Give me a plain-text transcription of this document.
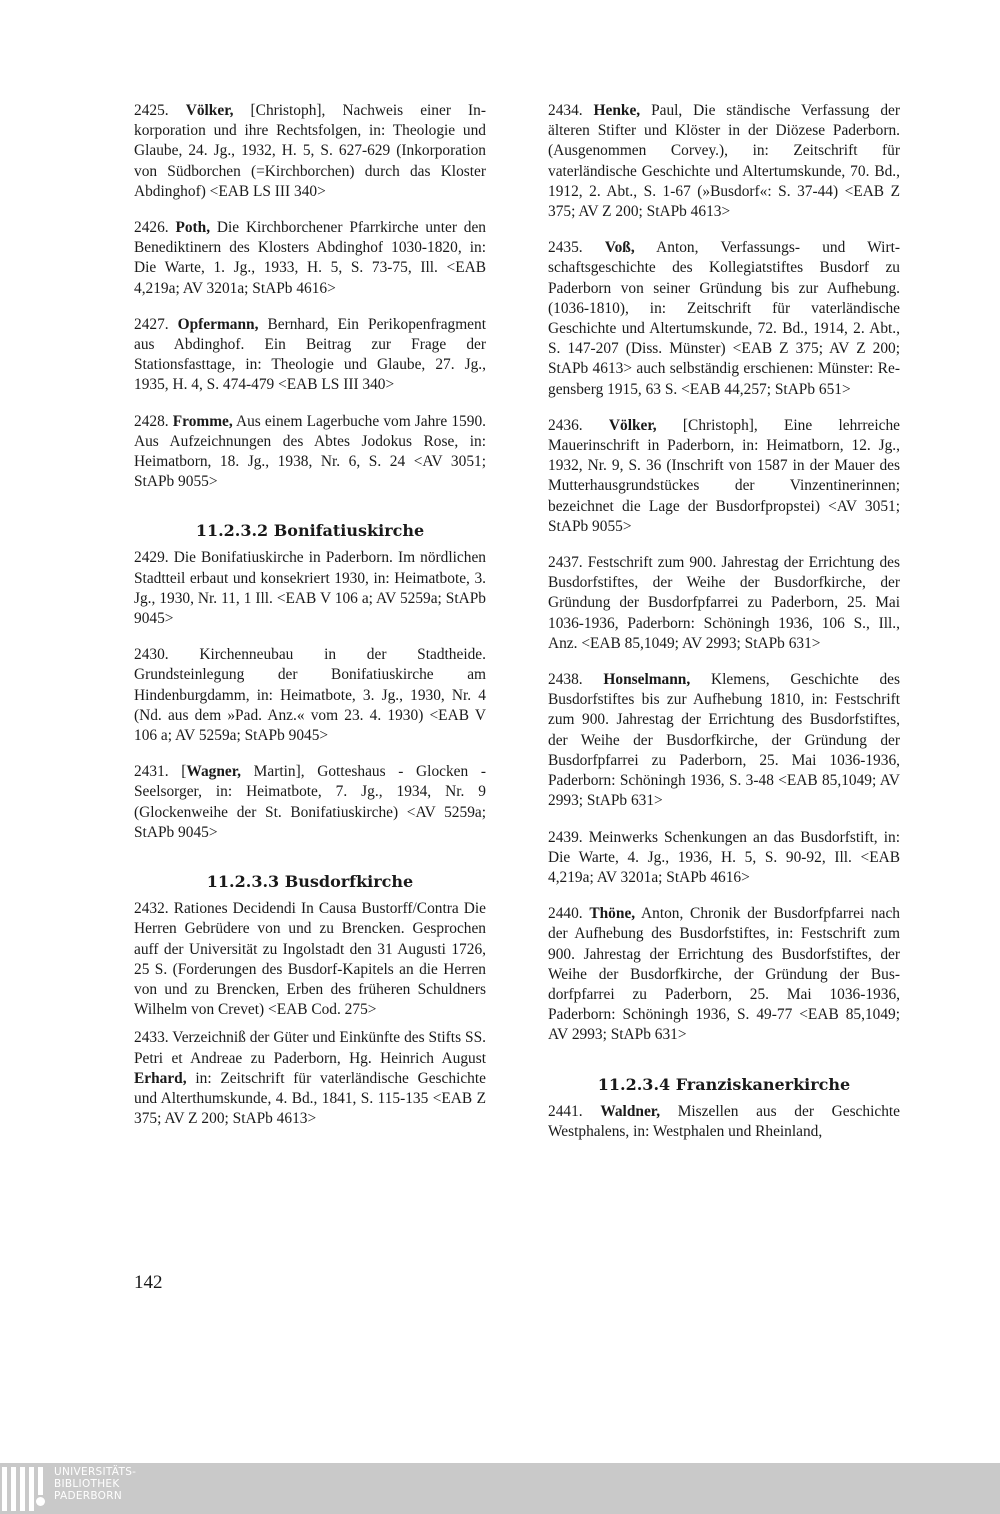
2425. Völker, [Christoph], Nachweis einer Inkorporation und ihre Rechtsfolgen, in: Theologie und Glaube, 24. Jg., 1932, H. 5, S. 627-629 (Inkorporation von Südborchen (=Kirchborchen) durch das Kloster Abdinghof) <EAB LS III 340>

2426. Poth, Die Kirchborchener Pfarrkirche unter den Benediktinern des Klosters Abdinghof 1030-1820, in: Die Warte, 1. Jg., 1933, H. 5, S. 73-75, Ill. <EAB 4,219a; AV 3201a; StAPb 4616>

2427. Opfermann, Bernhard, Ein Perikopenfragment aus Abdinghof. Ein Beitrag zur Frage der Stationsfasttage, in: Theologie und Glaube, 27. Jg., 1935, H. 4, S. 474-479 <EAB LS III 340>

2428. Fromme, Aus einem Lagerbuche vom Jahre 1590. Aus Aufzeichnungen des Abtes Jodokus Rose, in: Heimatborn, 18. Jg., 1938, Nr. 6, S. 24 <AV 3051; StAPb 9055>

11.2.3.2 Bonifatiuskirche

2429. Die Bonifatiuskirche in Paderborn. Im nördlichen Stadtteil erbaut und konsekriert 1930, in: Heimatbote, 3. Jg., 1930, Nr. 11, 1 Ill. <EAB V 106 a; AV 5259a; StAPb 9045>

2430. Kirchenneubau in der Stadtheide. Grundsteinlegung der Bonifatiuskirche am Hindenburgdamm, in: Heimatbote, 3. Jg., 1930, Nr. 4 (Nd. aus dem »Pad. Anz.« vom 23. 4. 1930) <EAB V 106 a; AV 5259a; StAPb 9045>

2431. [Wagner, Martin], Gotteshaus - Glocken - Seelsorger, in: Heimatbote, 7. Jg., 1934, Nr. 9 (Glockenweihe der St. Bonifatiuskirche) <AV 5259a; StAPb 9045>

11.2.3.3 Busdorfkirche

2432. Rationes Decidendi In Causa Bustorff/Contra Die Herren Gebrüdere von und zu Brencken. Gesprochen auff der Universität zu Ingolstadt den 31 Augusti 1726, 25 S. (Forderungen des Busdorf-Kapitels an die Herren von und zu Brencken, Erben des früheren Schuldners Wilhelm von Crevet) <EAB Cod. 275>

2433. Verzeichniß der Güter und Einkünfte des Stifts SS. Petri et Andreae zu Paderborn, Hg. Heinrich August Erhard, in: Zeitschrift für vaterländische Geschichte und Alterthumskunde, 4. Bd., 1841, S. 115-135 <EAB Z 375; AV Z 200; StAPb 4613>

2434. Henke, Paul, Die ständische Verfassung der älteren Stifter und Klöster in der Diözese Paderborn. (Ausgenommen Corvey.), in: Zeitschrift für vaterländische Geschichte und Altertumskunde, 70. Bd., 1912, 2. Abt., S. 1-67 (»Busdorf«: S. 37-44) <EAB Z 375; AV Z 200; StAPb 4613>

2435. Voß, Anton, Verfassungs- und Wirtschaftsgeschichte des Kollegiatstiftes Busdorf zu Paderborn von seiner Gründung bis zur Aufhebung. (1036-1810), in: Zeitschrift für vaterländische Geschichte und Altertumskunde, 72. Bd., 1914, 2. Abt., S. 147-207 (Diss. Münster) <EAB Z 375; AV Z 200; StAPb 4613> auch selbständig erschienen: Münster: Regensberg 1915, 63 S. <EAB 44,257; StAPb 651>

2436. Völker, [Christoph], Eine lehrreiche Mauerinschrift in Paderborn, in: Heimatborn, 12. Jg., 1932, Nr. 9, S. 36 (Inschrift von 1587 in der Mauer des Mutterhausgrundstückes der Vinzentinerinnen; bezeichnet die Lage der Busdorfpropstei) <AV 3051; StAPb 9055>

2437. Festschrift zum 900. Jahrestag der Errichtung des Busdorfstiftes, der Weihe der Busdorfkirche, der Gründung der Busdorfpfarrei zu Paderborn, 25. Mai 1036-1936, Paderborn: Schöningh 1936, 106 S., Ill., Anz. <EAB 85,1049; AV 2993; StAPb 631>

2438. Honselmann, Klemens, Geschichte des Busdorfstiftes bis zur Aufhebung 1810, in: Festschrift zum 900. Jahrestag der Errichtung des Busdorfstiftes, der Weihe der Busdorfkirche, der Gründung der Busdorfpfarrei zu Paderborn, 25. Mai 1036-1936, Paderborn: Schöningh 1936, S. 3-48 <EAB 85,1049; AV 2993; StAPb 631>

2439. Meinwerks Schenkungen an das Busdorfstift, in: Die Warte, 4. Jg., 1936, H. 5, S. 90-92, Ill. <EAB 4,219a; AV 3201a; StAPb 4616>

2440. Thöne, Anton, Chronik der Busdorfpfarrei nach der Aufhebung des Busdorfstiftes, in: Festschrift zum 900. Jahrestag der Errichtung des Busdorfstiftes, der Weihe der Busdorfkirche, der Gründung der Busdorfpfarrei zu Paderborn, 25. Mai 1036-1936, Paderborn: Schöningh 1936, S. 49-77 <EAB 85,1049; AV 2993; StAPb 631>

11.2.3.4 Franziskanerkirche

2441. Waldner, Miszellen aus der Geschichte Westphalens, in: Westphalen und Rheinland,

142
UNIVERSITÄTS-
BIBLIOTHEK
PADERBORN
